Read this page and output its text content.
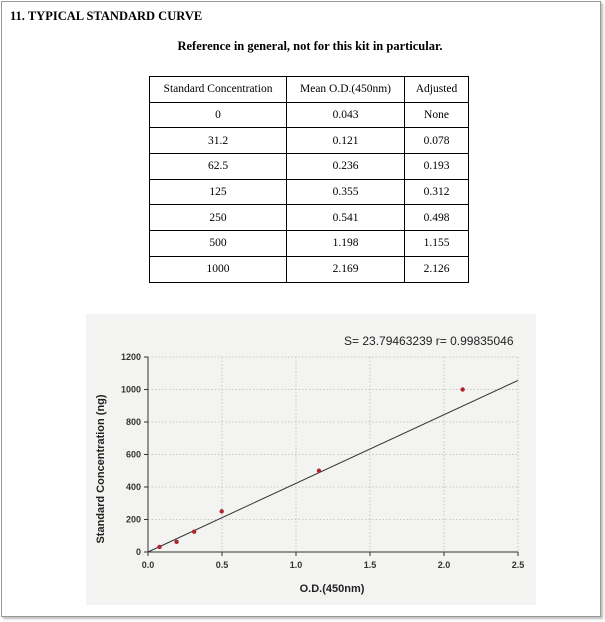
11. TYPICAL STANDARD CURVE
Reference in general, not for this kit in particular.
Standard Concentration	Mean O.D.(450nm)	Adjusted
0	0.043	None
31.2	0.121	0.078
62.5	0.236	0.193
125	0.355	0.312
250	0.541	0.498
500	1.198	1.155
1000	2.169	2.126
0.0	0.5	1.0	1.5	2.0	2.5
0
200
400
600
800
1000
1200
S= 23.79463239 r= 0.99835046
O.D.(450nm)
Standard Concentration (ng)
